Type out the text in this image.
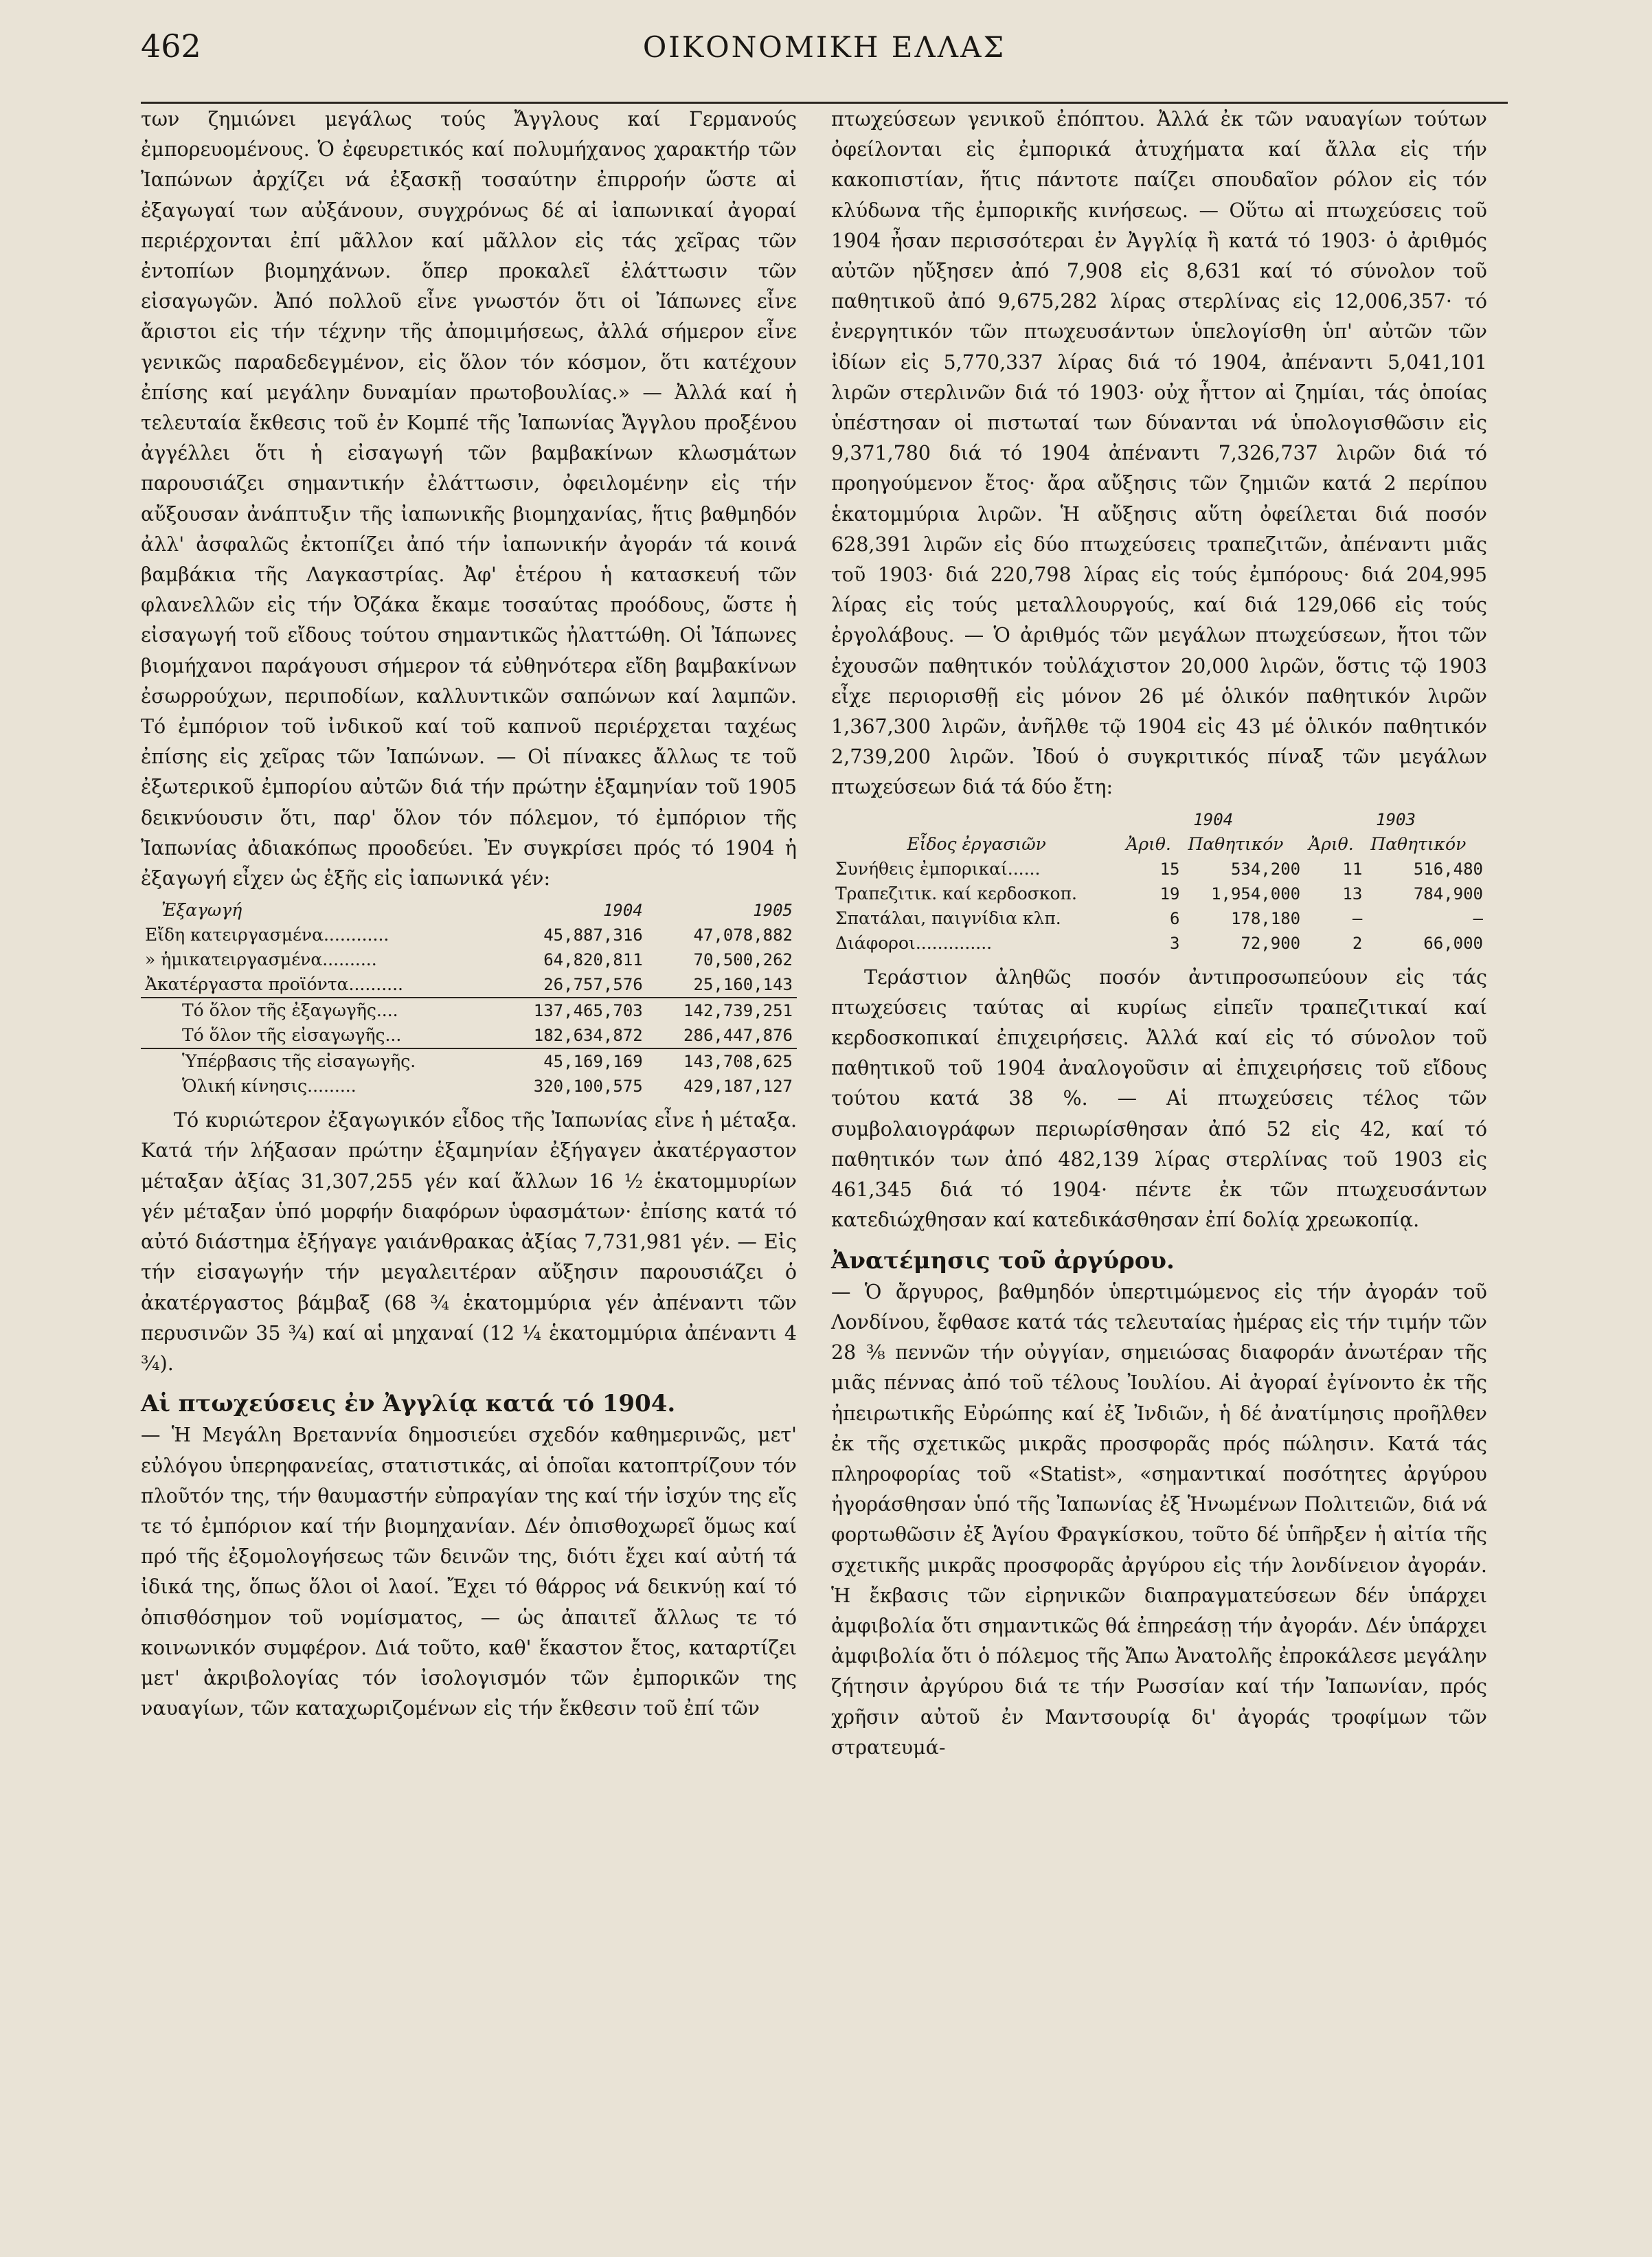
462	ΟΙΚΟΝΟΜΙΚΗ ΕΛΛΑΣ

των ζημιώνει μεγάλως τούς Ἄγγλους καί Γερμανούς ἐμπορευομένους. Ὁ ἐφευρετικός καί πολυμήχανος χαρακτήρ τῶν Ἰαπώνων ἀρχίζει νά ἐξασκῇ τοσαύτην ἐπιρροήν ὥστε αἱ ἐξαγωγαί των αὐξάνουν, συγχρόνως δέ αἱ ἰαπωνικαί ἀγοραί περιέρχονται ἐπί μᾶλλον καί μᾶλλον εἰς τάς χεῖρας τῶν ἐντοπίων βιομηχάνων. ὅπερ προκαλεῖ ἐλάττωσιν τῶν εἰσαγωγῶν. Ἀπό πολλοῦ εἶνε γνωστόν ὅτι οἱ Ἰάπωνες εἶνε ἄριστοι εἰς τήν τέχνην τῆς ἀπομιμήσεως, ἀλλά σήμερον εἶνε γενικῶς παραδεδεγμένον, εἰς ὅλον τόν κόσμον, ὅτι κατέχουν ἐπίσης καί μεγάλην δυναμίαν πρωτοβουλίας.» — Ἀλλά καί ἡ τελευταία ἔκθεσις τοῦ ἐν Κομπέ τῆς Ἰαπωνίας Ἄγγλου προξένου ἀγγέλλει ὅτι ἡ εἰσαγωγή τῶν βαμβακίνων κλωσμάτων παρουσιάζει σημαντικήν ἐλάττωσιν, ὀφειλομένην εἰς τήν αὔξουσαν ἀνάπτυξιν τῆς ἰαπωνικῆς βιομηχανίας, ἥτις βαθμηδόν ἀλλ' ἀσφαλῶς ἐκτοπίζει ἀπό τήν ἰαπωνικήν ἀγοράν τά κοινά βαμβάκια τῆς Λαγκαστρίας. Ἀφ' ἑτέρου ἡ κατασκευή τῶν φλανελλῶν εἰς τήν Ὀζάκα ἔκαμε τοσαύτας προόδους, ὥστε ἡ εἰσαγωγή τοῦ εἴδους τούτου σημαντικῶς ἠλαττώθη. Οἱ Ἰάπωνες βιομήχανοι παράγουσι σήμερον τά εὐθηνότερα εἴδη βαμβακίνων ἐσωρρούχων, περιποδίων, καλλυντικῶν σαπώνων καί λαμπῶν. Τό ἐμπόριον τοῦ ἰνδικοῦ καί τοῦ καπνοῦ περιέρχεται ταχέως ἐπίσης εἰς χεῖρας τῶν Ἰαπώνων. — Οἱ πίνακες ἄλλως τε τοῦ ἐξωτερικοῦ ἐμπορίου αὐτῶν διά τήν πρώτην ἑξαμηνίαν τοῦ 1905 δεικνύουσιν ὅτι, παρ' ὅλον τόν πόλεμον, τό ἐμπόριον τῆς Ἰαπωνίας ἀδιακόπως προοδεύει. Ἐν συγκρίσει πρός τό 1904 ἡ ἐξαγωγή εἶχεν ὡς ἑξῆς εἰς ἰαπωνικά γέν:

Ἐξαγωγή	1904	1905
Εἴδη κατειργασμένα............	45,887,316	47,078,882
» ἡμικατειργασμένα..........	64,820,811	70,500,262
Ἀκατέργαστα προϊόντα..........	26,757,576	25,160,143
Τό ὅλον τῆς ἐξαγωγῆς....	137,465,703	142,739,251
Τό ὅλον τῆς εἰσαγωγῆς...	182,634,872	286,447,876
Ὑπέρβασις τῆς εἰσαγωγῆς.	45,169,169	143,708,625
Ὁλική κίνησις.........	320,100,575	429,187,127

Τό κυριώτερον ἐξαγωγικόν εἶδος τῆς Ἰαπωνίας εἶνε ἡ μέταξα. Κατά τήν λήξασαν πρώτην ἑξαμηνίαν ἐξήγαγεν ἀκατέργαστον μέταξαν ἀξίας 31,307,255 γέν καί ἄλλων 16 ½ ἑκατομμυρίων γέν μέταξαν ὑπό μορφήν διαφόρων ὑφασμάτων· ἐπίσης κατά τό αὐτό διάστημα ἐξήγαγε γαιάνθρακας ἀξίας 7,731,981 γέν. — Εἰς τήν εἰσαγωγήν τήν μεγαλειτέραν αὔξησιν παρουσιάζει ὁ ἀκατέργαστος βάμβαξ (68 ¾ ἑκατομμύρια γέν ἀπέναντι τῶν περυσινῶν 35 ¾) καί αἱ μηχαναί (12 ¼ ἑκατομμύρια ἀπέναντι 4 ¾).

Αἱ πτωχεύσεις ἐν Ἀγγλίᾳ κατά τό 1904.

— Ἡ Μεγάλη Βρεταννία δημοσιεύει σχεδόν καθημερινῶς, μετ' εὐλόγου ὑπερηφανείας, στατιστικάς, αἱ ὁποῖαι κατοπτρίζουν τόν πλοῦτόν της, τήν θαυμαστήν εὐπραγίαν της καί τήν ἰσχύν της εἴς τε τό ἐμπόριον καί τήν βιομηχανίαν. Δέν ὀπισθοχωρεῖ ὅμως καί πρό τῆς ἐξομολογήσεως τῶν δεινῶν της, διότι ἔχει καί αὐτή τά ἰδικά της, ὅπως ὅλοι οἱ λαοί. Ἔχει τό θάρρος νά δεικνύῃ καί τό ὀπισθόσημον τοῦ νομίσματος, — ὡς ἀπαιτεῖ ἄλλως τε τό κοινωνικόν συμφέρον. Διά τοῦτο, καθ' ἕκαστον ἔτος, καταρτίζει μετ' ἀκριβολογίας τόν ἰσολογισμόν τῶν ἐμπορικῶν της ναυαγίων, τῶν καταχωριζομένων εἰς τήν ἔκθεσιν τοῦ ἐπί τῶν

πτωχεύσεων γενικοῦ ἐπόπτου. Ἀλλά ἐκ τῶν ναυαγίων τούτων ὀφείλονται εἰς ἐμπορικά ἀτυχήματα καί ἄλλα εἰς τήν κακοπιστίαν, ἥτις πάντοτε παίζει σπουδαῖον ρόλον εἰς τόν κλύδωνα τῆς ἐμπορικῆς κινήσεως. — Οὕτω αἱ πτωχεύσεις τοῦ 1904 ἦσαν περισσότεραι ἐν Ἀγγλίᾳ ἢ κατά τό 1903· ὁ ἀριθμός αὐτῶν ηὔξησεν ἀπό 7,908 εἰς 8,631 καί τό σύνολον τοῦ παθητικοῦ ἀπό 9,675,282 λίρας στερλίνας εἰς 12,006,357· τό ἐνεργητικόν τῶν πτωχευσάντων ὑπελογίσθη ὑπ' αὐτῶν τῶν ἰδίων εἰς 5,770,337 λίρας διά τό 1904, ἀπέναντι 5,041,101 λιρῶν στερλινῶν διά τό 1903· οὐχ ἧττον αἱ ζημίαι, τάς ὁποίας ὑπέστησαν οἱ πιστωταί των δύνανται νά ὑπολογισθῶσιν εἰς 9,371,780 διά τό 1904 ἀπέναντι 7,326,737 λιρῶν διά τό προηγούμενον ἔτος· ἄρα αὔξησις τῶν ζημιῶν κατά 2 περίπου ἑκατομμύρια λιρῶν. Ἡ αὔξησις αὕτη ὀφείλεται διά ποσόν 628,391 λιρῶν εἰς δύο πτωχεύσεις τραπεζιτῶν, ἀπέναντι μιᾶς τοῦ 1903· διά 220,798 λίρας εἰς τούς ἐμπόρους· διά 204,995 λίρας εἰς τούς μεταλλουργούς, καί διά 129,066 εἰς τούς ἐργολάβους. — Ὁ ἀριθμός τῶν μεγάλων πτωχεύσεων, ἤτοι τῶν ἐχουσῶν παθητικόν τοὐλάχιστον 20,000 λιρῶν, ὅστις τῷ 1903 εἶχε περιορισθῇ εἰς μόνον 26 μέ ὁλικόν παθητικόν λιρῶν 1,367,300 λιρῶν, ἀνῆλθε τῷ 1904 εἰς 43 μέ ὁλικόν παθητικόν 2,739,200 λιρῶν. Ἰδού ὁ συγκριτικός πίναξ τῶν μεγάλων πτωχεύσεων διά τά δύο ἔτη:

	1904		1903	
Εἶδος ἐργασιῶν	Ἀριθ.	Παθητικόν	Ἀριθ.	Παθητικόν
Συνήθεις ἐμπορικαί......	15	534,200	11	516,480
Τραπεζιτικ. καί κερδοσκοπ.	19	1,954,000	13	784,900
Σπατάλαι, παιγνίδια κλπ.	6	178,180	—	—
Διάφοροι..............	3	72,900	2	66,000

Τεράστιον ἀληθῶς ποσόν ἀντιπροσωπεύουν εἰς τάς πτωχεύσεις ταύτας αἱ κυρίως εἰπεῖν τραπεζιτικαί καί κερδοσκοπικαί ἐπιχειρήσεις. Ἀλλά καί εἰς τό σύνολον τοῦ παθητικοῦ τοῦ 1904 ἀναλογοῦσιν αἱ ἐπιχειρήσεις τοῦ εἴδους τούτου κατά 38 %. — Αἱ πτωχεύσεις τέλος τῶν συμβολαιογράφων περιωρίσθησαν ἀπό 52 εἰς 42, καί τό παθητικόν των ἀπό 482,139 λίρας στερλίνας τοῦ 1903 εἰς 461,345 διά τό 1904· πέντε ἐκ τῶν πτωχευσάντων κατεδιώχθησαν καί κατεδικάσθησαν ἐπί δολίᾳ χρεωκοπίᾳ.

Ἀνατέμησις τοῦ ἀργύρου.

— Ὁ ἄργυρος, βαθμηδόν ὑπερτιμώμενος εἰς τήν ἀγοράν τοῦ Λονδίνου, ἔφθασε κατά τάς τελευταίας ἡμέρας εἰς τήν τιμήν τῶν 28 ⅜ πεννῶν τήν οὐγγίαν, σημειώσας διαφοράν ἀνωτέραν τῆς μιᾶς πέννας ἀπό τοῦ τέλους Ἰουλίου. Αἱ ἀγοραί ἐγίνοντο ἐκ τῆς ἠπειρωτικῆς Εὐρώπης καί ἐξ Ἰνδιῶν, ἡ δέ ἀνατίμησις προῆλθεν ἐκ τῆς σχετικῶς μικρᾶς προσφορᾶς πρός πώλησιν. Κατά τάς πληροφορίας τοῦ «Statist», «σημαντικαί ποσότητες ἀργύρου ἠγοράσθησαν ὑπό τῆς Ἰαπωνίας ἐξ Ἡνωμένων Πολιτειῶν, διά νά φορτωθῶσιν ἐξ Ἁγίου Φραγκίσκου, τοῦτο δέ ὑπῆρξεν ἡ αἰτία τῆς σχετικῆς μικρᾶς προσφορᾶς ἀργύρου εἰς τήν λονδίνειον ἀγοράν. Ἡ ἔκβασις τῶν εἰρηνικῶν διαπραγματεύσεων δέν ὑπάρχει ἀμφιβολία ὅτι σημαντικῶς θά ἐπηρεάσῃ τήν ἀγοράν. Δέν ὑπάρχει ἀμφιβολία ὅτι ὁ πόλεμος τῆς Ἄπω Ἀνατολῆς ἐπροκάλεσε μεγάλην ζήτησιν ἀργύρου διά τε τήν Ρωσσίαν καί τήν Ἰαπωνίαν, πρός χρῆσιν αὐτοῦ ἐν Μαντσουρίᾳ δι' ἀγοράς τροφίμων τῶν στρατευμά-
